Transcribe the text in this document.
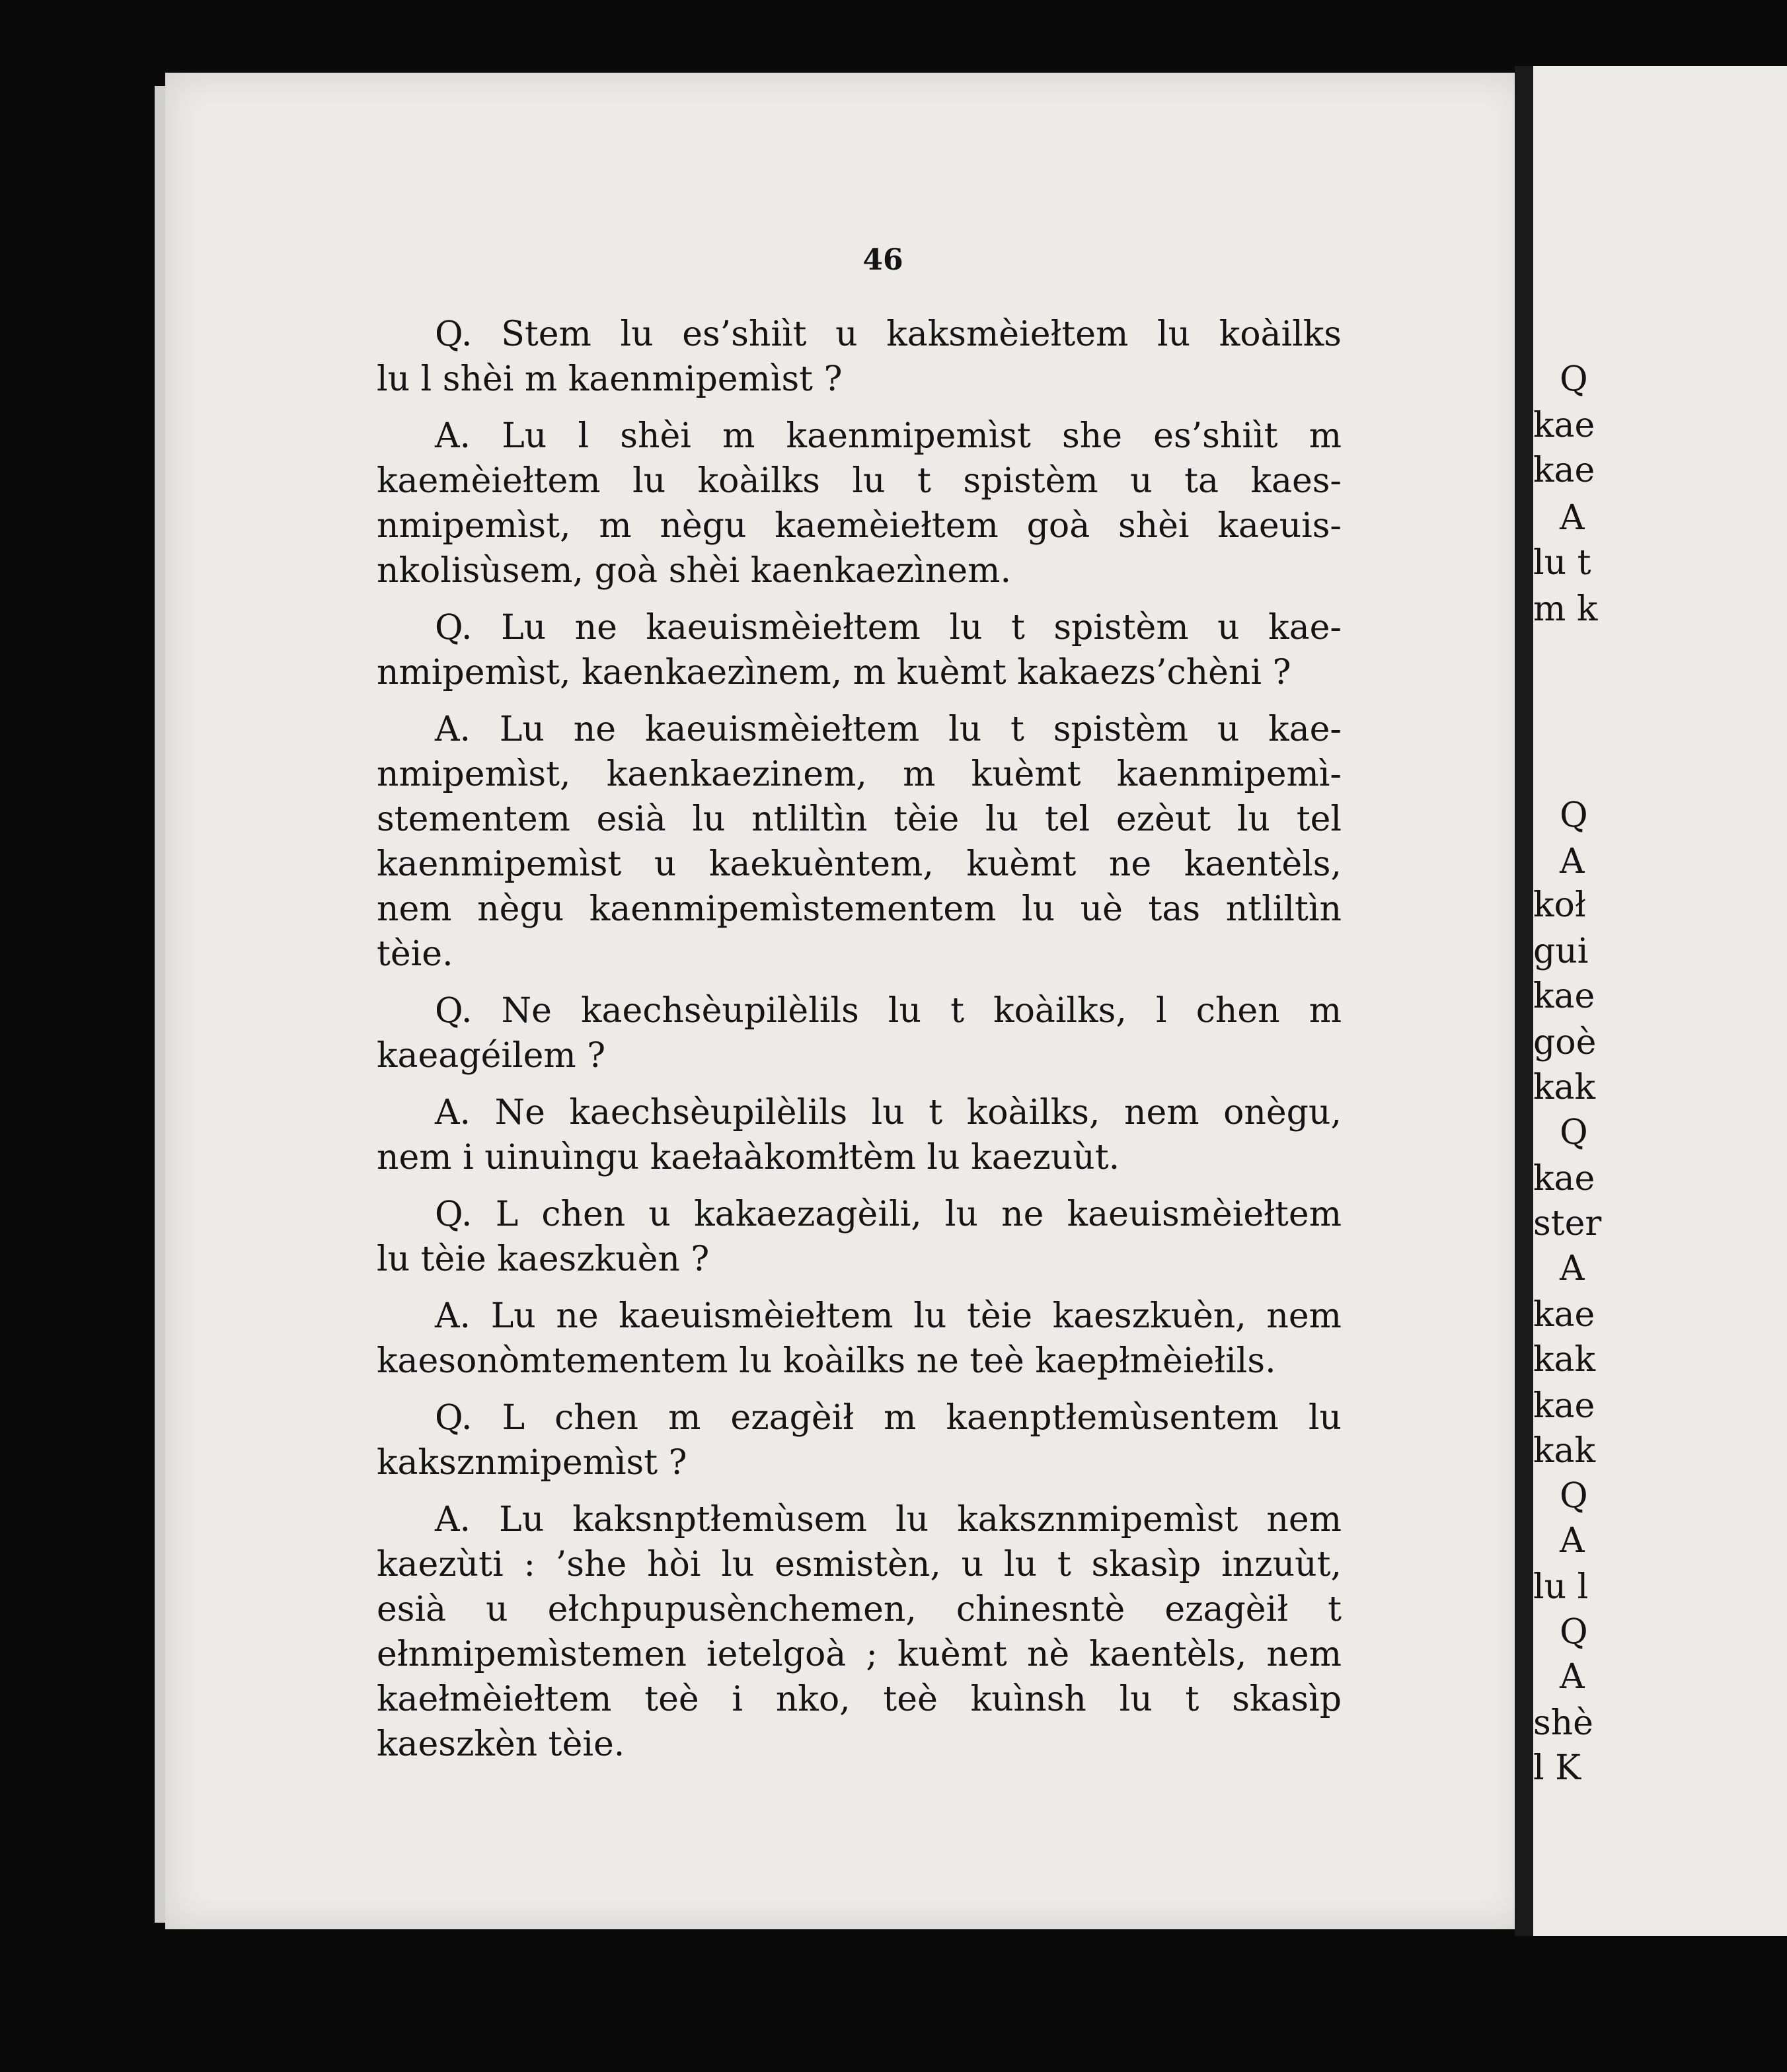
Q
kae
kae
A
lu t
m k
Q
A
koł
gui
kae
goè
kak
Q
kae
ster
A
kae
kak
kae
kak
Q
A
lu l
Q
A
shè
l K
46
Q. Stem lu es’shiìt u kaksmèiełtem lu koàilks
lu l shèi m kaenmipemìst ?
A. Lu l shèi m kaenmipemìst she es’shiìt m
kaemèiełtem lu koàilks lu t spistèm u ta kaes-
nmipemìst, m nègu kaemèiełtem goà shèi kaeuis-
nkolisùsem, goà shèi kaenkaezìnem.
Q. Lu ne kaeuismèiełtem lu t spistèm u kae-
nmipemìst, kaenkaezìnem, m kuèmt kakaezs’chèni ?
A. Lu ne kaeuismèiełtem lu t spistèm u kae-
nmipemìst, kaenkaezinem, m kuèmt kaenmipemì-
stementem esià lu ntliltìn tèie lu tel ezèut lu tel
kaenmipemìst u kaekuèntem, kuèmt ne kaentèls,
nem nègu kaenmipemìstementem lu uè tas ntliltìn
tèie.
Q. Ne kaechsèupilèlils lu t koàilks, l chen m
kaeagéilem ?
A. Ne kaechsèupilèlils lu t koàilks, nem onègu,
nem i uinuìngu kaełaàkomłtèm lu kaezuùt.
Q. L chen u kakaezagèili, lu ne kaeuismèiełtem
lu tèie kaeszkuèn ?
A. Lu ne kaeuismèiełtem lu tèie kaeszkuèn, nem
kaesonòmtementem lu koàilks ne teè kaepłmèiełils.
Q. L chen m ezagèił m kaenptłemùsentem lu
kaksznmipemìst ?
A. Lu kaksnptłemùsem lu kaksznmipemìst nem
kaezùti : ’she hòi lu esmistèn, u lu t skasìp inzuùt,
esià u ełchpupusènchemen, chinesntè ezagèił t
ełnmipemìstemen ietelgoà ; kuèmt nè kaentèls, nem
kaełmèiełtem teè i nko, teè kuìnsh lu t skasìp
kaeszkèn tèie.
